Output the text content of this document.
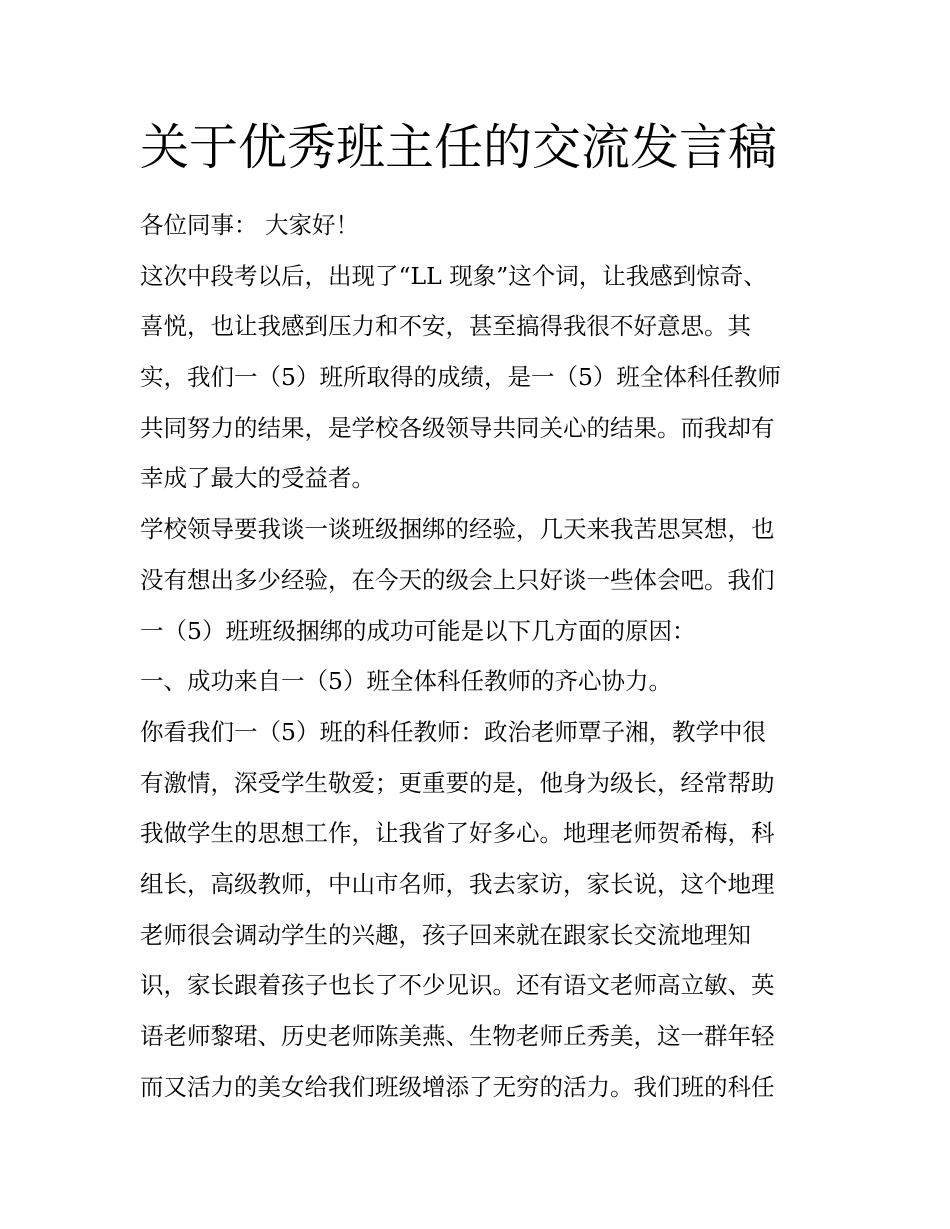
关于优秀班主任的交流发言稿

各位同事： 大家好！

这次中段考以后，出现了“LL 现象”这个词，让我感到惊奇、

喜悦，也让我感到压力和不安，甚至搞得我很不好意思。其

实，我们一（5）班所取得的成绩，是一（5）班全体科任教师

共同努力的结果，是学校各级领导共同关心的结果。而我却有

幸成了最大的受益者。

学校领导要我谈一谈班级捆绑的经验，几天来我苦思冥想，也

没有想出多少经验，在今天的级会上只好谈一些体会吧。我们

一（5）班班级捆绑的成功可能是以下几方面的原因：

一、成功来自一（5）班全体科任教师的齐心协力。

你看我们一（5）班的科任教师：政治老师覃子湘，教学中很

有激情，深受学生敬爱；更重要的是，他身为级长，经常帮助

我做学生的思想工作，让我省了好多心。地理老师贺希梅，科

组长，高级教师，中山市名师，我去家访，家长说，这个地理

老师很会调动学生的兴趣，孩子回来就在跟家长交流地理知

识，家长跟着孩子也长了不少见识。还有语文老师高立敏、英

语老师黎珺、历史老师陈美燕、生物老师丘秀美，这一群年轻

而又活力的美女给我们班级增添了无穷的活力。我们班的科任
